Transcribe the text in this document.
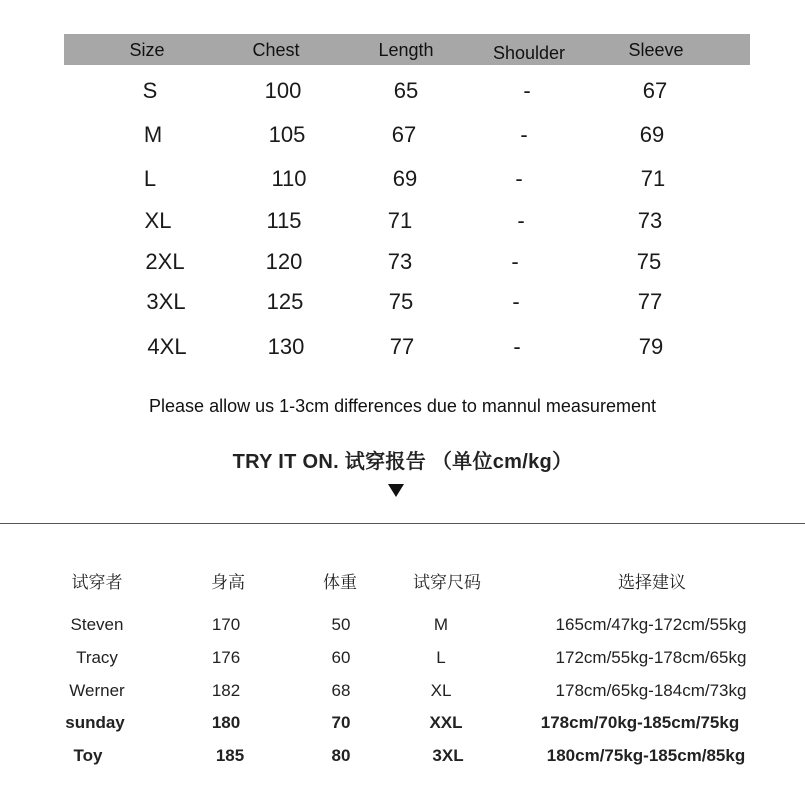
Size	Chest	Length	Shoulder	Sleeve
S	100	65	-	67
M	105	67	-	69
L	110	69	-	71
XL	115	71	-	73
2XL	120	73	-	75
3XL	125	75	-	77
4XL	130	77	-	79
Please allow us 1-3cm differences due to mannul measurement
TRY IT ON. 试穿报告 （单位cm/kg）
试穿者	身高	体重	试穿尺码	选择建议
Steven	170	50	M	165cm/47kg-172cm/55kg
Tracy	176	60	L	172cm/55kg-178cm/65kg
Werner	182	68	XL	178cm/65kg-184cm/73kg
sunday	180	70	XXL	178cm/70kg-185cm/75kg
Toy	185	80	3XL	180cm/75kg-185cm/85kg
